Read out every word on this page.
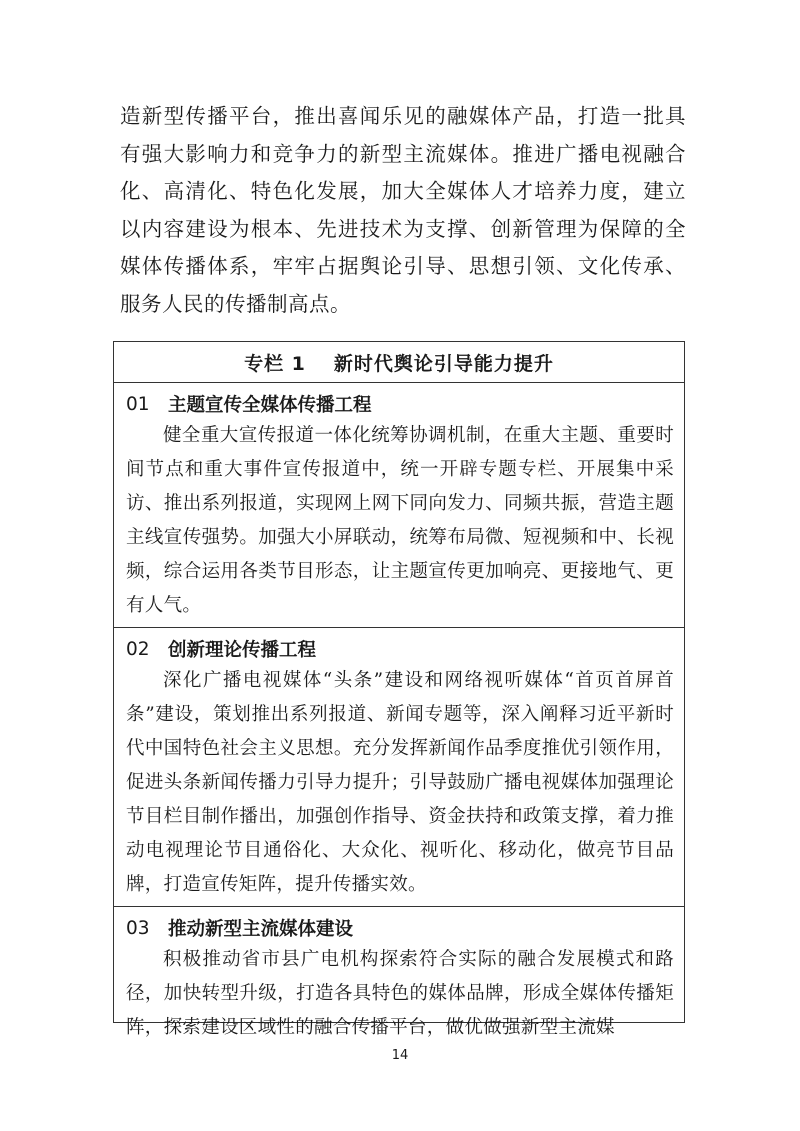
造新型传播平台，推出喜闻乐见的融媒体产品，打造一批具有强大影响力和竞争力的新型主流媒体。推进广播电视融合化、高清化、特色化发展，加大全媒体人才培养力度，建立以内容建设为根本、先进技术为支撑、创新管理为保障的全媒体传播体系，牢牢占据舆论引导、思想引领、文化传承、服务人民的传播制高点。

专栏 1 新时代舆论引导能力提升
01 主题宣传全媒体传播工程

健全重大宣传报道一体化统筹协调机制，在重大主题、重要时间节点和重大事件宣传报道中，统一开辟专题专栏、开展集中采访、推出系列报道，实现网上网下同向发力、同频共振，营造主题主线宣传强势。加强大小屏联动，统筹布局微、短视频和中、长视频，综合运用各类节目形态，让主题宣传更加响亮、更接地气、更有人气。

02 创新理论传播工程

深化广播电视媒体“头条”建设和网络视听媒体“首页首屏首条”建设，策划推出系列报道、新闻专题等，深入阐释习近平新时代中国特色社会主义思想。充分发挥新闻作品季度推优引领作用，促进头条新闻传播力引导力提升；引导鼓励广播电视媒体加强理论节目栏目制作播出，加强创作指导、资金扶持和政策支撑，着力推动电视理论节目通俗化、大众化、视听化、移动化，做亮节目品牌，打造宣传矩阵，提升传播实效。

03 推动新型主流媒体建设

积极推动省市县广电机构探索符合实际的融合发展模式和路径，加快转型升级，打造各具特色的媒体品牌，形成全媒体传播矩阵，探索建设区域性的融合传播平台，做优做强新型主流媒

14
